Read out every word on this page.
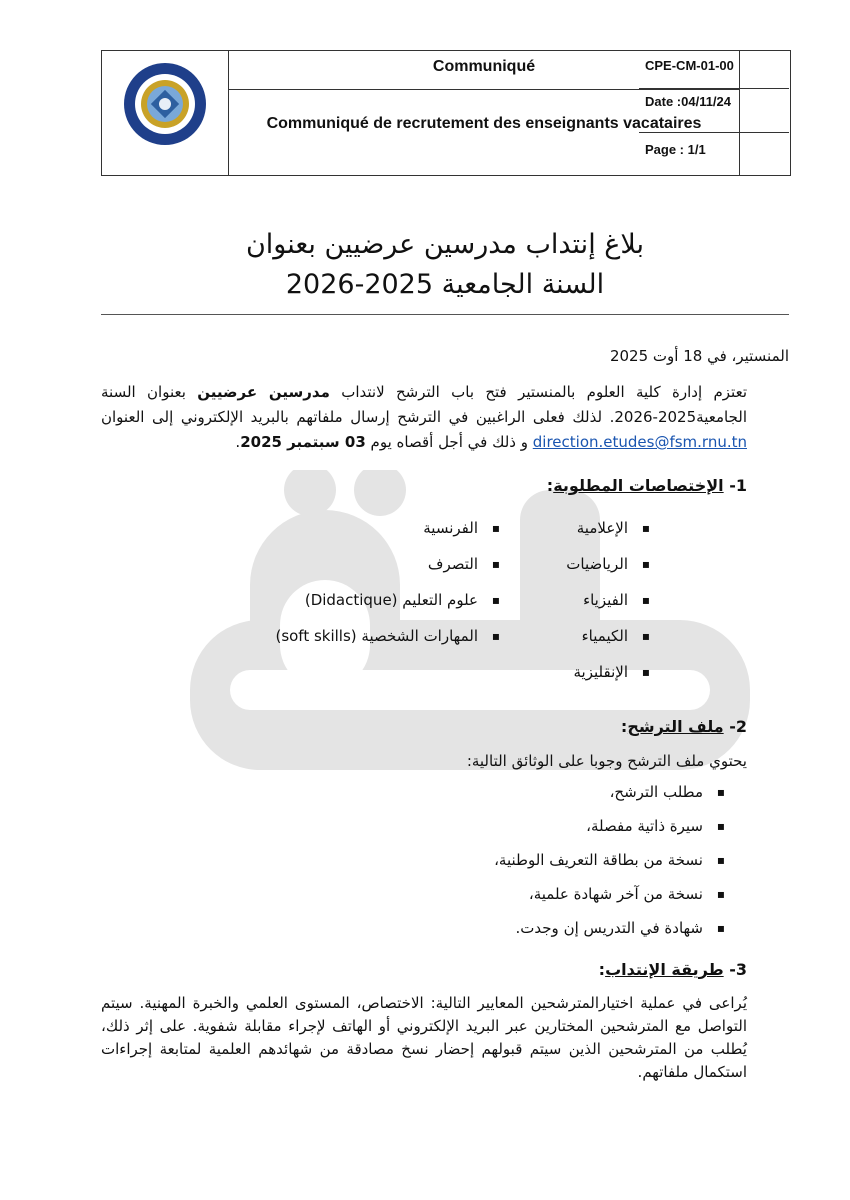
Communiqué
Communiqué de recrutement des enseignants vacataires
CPE-CM-01-00
Date :04/11/24
Page : 1/1
بلاغ إنتداب مدرسين عرضيين بعنوان
السنة الجامعية 2025-2026
المنستير، في 18 أوت 2025
تعتزم إدارة كلية العلوم بالمنستير فتح باب الترشح لانتداب مدرسين عرضيين بعنوان السنة الجامعية2025-2026. لذلك فعلى الراغبين في الترشح إرسال ملفاتهم بالبريد الإلكتروني إلى العنوان direction.etudes@fsm.rnu.tn و ذلك في أجل أقصاه يوم 03 سبتمبر 2025.
1- الإختصاصات المطلوبة:
▪ الإعلامية
▪ الرياضيات
▪ الفيزياء
▪ الكيمياء
▪ الإنقليزية
▪ الفرنسية
▪ التصرف
▪ علوم التعليم (Didactique)
▪ المهارات الشخصية (soft skills)
2- ملف الترشح:
يحتوي ملف الترشح وجوبا على الوثائق التالية:
▪ مطلب الترشح،
▪ سيرة ذاتية مفصلة،
▪ نسخة من بطاقة التعريف الوطنية،
▪ نسخة من آخر شهادة علمية،
▪ شهادة في التدريس إن وجدت.
3- طريقة الإنتداب:
يُراعى في عملية اختيارالمترشحين المعايير التالية: الاختصاص، المستوى العلمي والخبرة المهنية. سيتم التواصل مع المترشحين المختارين عبر البريد الإلكتروني أو الهاتف لإجراء مقابلة شفوية. على إثر ذلك، يُطلب من المترشحين الذين سيتم قبولهم إحضار نسخ مصادقة من شهائدهم العلمية لمتابعة إجراءات استكمال ملفاتهم.
